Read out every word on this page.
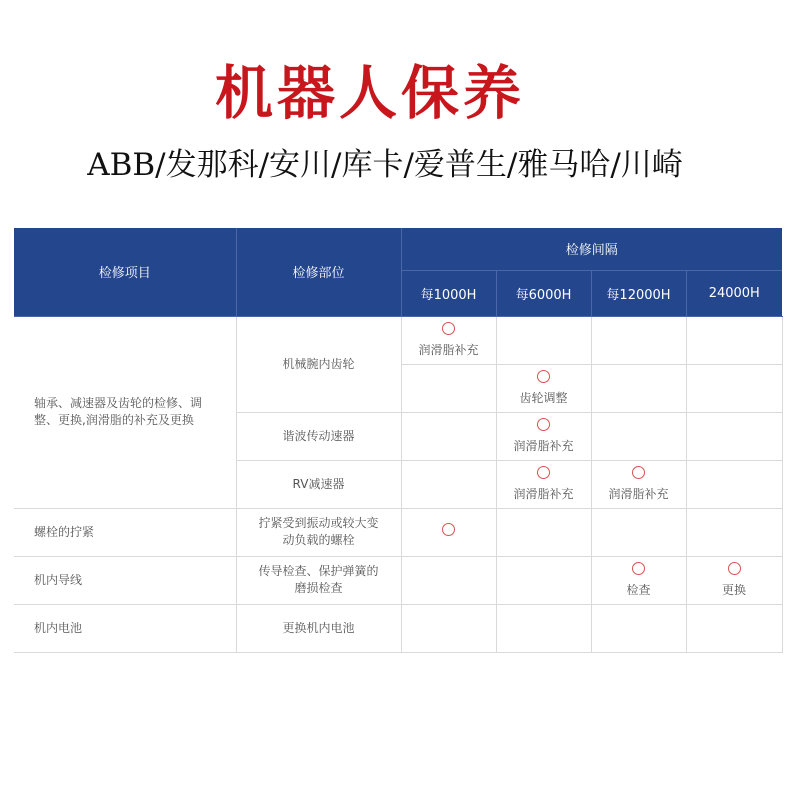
机器人保养
ABB/发那科/安川/库卡/爱普生/雅马哈/川崎
检修项目	检修部位	检修间隔			
		每1000H	每6000H	每12000H	24000H
轴承、减速器及齿轮的检修、调整、更换,润滑脂的补充及更换	机械腕内齿轮	润滑脂补充			

			齿轮调整		

	谐波传动速器		润滑脂补充		

	RV减速器		润滑脂补充	润滑脂补充	

螺栓的拧紧	拧紧受到振动或较大变动负载的螺栓				
机内导线	传导检查、保护弹簧的磨损检查			检查	更换

机内电池	更换机内电池				
